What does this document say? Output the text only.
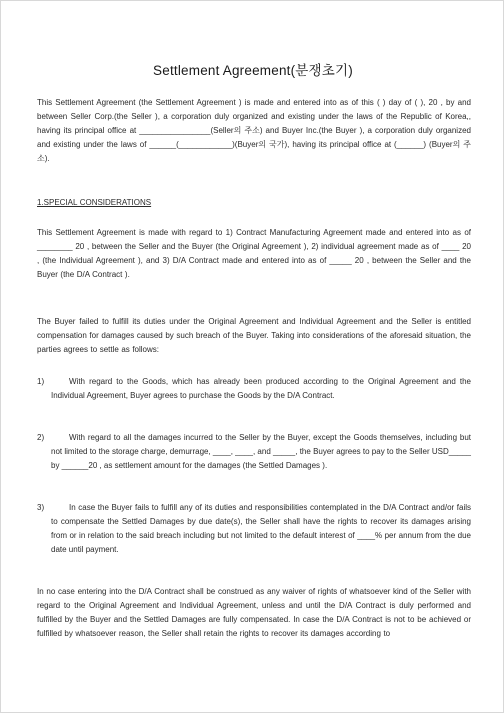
Settlement Agreement(분쟁초기)
This Settlement Agreement (the Settlement Agreement ) is made and entered into as of this ( ) day of ( ), 20 , by and between Seller Corp.(the Seller ), a corporation duly organized and existing under the laws of the Republic of Korea,, having its principal office at ________________(Seller의 주소) and Buyer Inc.(the Buyer ), a corporation duly organized and existing under the laws of ______(____________)(Buyer의 국가), having its principal office at (______) (Buyer의 주소).
1.SPECIAL CONSIDERATIONS
This Settlement Agreement is made with regard to 1) Contract Manufacturing Agreement made and entered into as of ________ 20 , between the Seller and the Buyer (the Original Agreement ), 2) individual agreement made as of ____ 20 , (the Individual Agreement ), and 3) D/A Contract made and entered into as of _____ 20 , between the Seller and the Buyer (the D/A Contract ).
The Buyer failed to fulfill its duties under the Original Agreement and Individual Agreement and the Seller is entitled compensation for damages caused by such breach of the Buyer. Taking into considerations of the aforesaid situation, the parties agrees to settle as follows:
1)	With regard to the Goods, which has already been produced according to the Original Agreement and the Individual Agreement, Buyer agrees to purchase the Goods by the D/A Contract.
2)	With regard to all the damages incurred to the Seller by the Buyer, except the Goods themselves, including but not limited to the storage charge, demurrage, ____, ____, and _____, the Buyer agrees to pay to the Seller USD_____ by ______20 , as settlement amount for the damages (the Settled Damages ).
3)	In case the Buyer fails to fulfill any of its duties and responsibilities contemplated in the D/A Contract and/or fails to compensate the Settled Damages by due date(s), the Seller shall have the rights to recover its damages arising from or in relation to the said breach including but not limited to the default interest of ____% per annum from the due date until payment.
In no case entering into the D/A Contract shall be construed as any waiver of rights of whatsoever kind of the Seller with regard to the Original Agreement and Individual Agreement, unless and until the D/A Contract is duly performed and fulfilled by the Buyer and the Settled Damages are fully compensated. In case the D/A Contract is not to be achieved or fulfilled by whatsoever reason, the Seller shall retain the rights to recover its damages according to
